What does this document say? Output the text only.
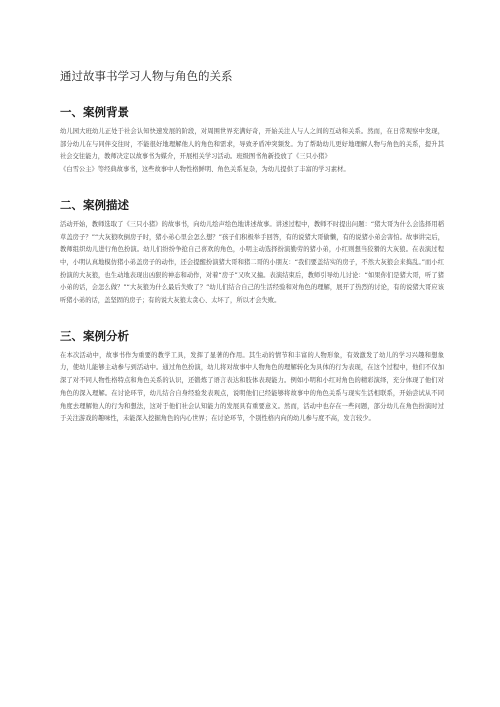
通过故事书学习人物与角色的关系
一、案例背景

幼儿园大班幼儿正处于社会认知快速发展的阶段，对周围世界充满好奇，开始关注人与人之间的互动和关系。然而，在日常观察中发现，部分幼儿在与同伴交往时，不能很好地理解他人的角色和需求，导致矛盾冲突频发。为了帮助幼儿更好地理解人物与角色的关系，提升其社会交往能力，教师决定以故事书为媒介，开展相关学习活动。班级图书角新投放了《三只小猪》

《白雪公主》等经典故事书，这些故事中人物性格鲜明、角色关系复杂，为幼儿提供了丰富的学习素材。

二、案例描述

活动开始，教师选取了《三只小猪》的故事书，向幼儿绘声绘色地讲述故事。讲述过程中，教师不时提出问题：“猪大哥为什么会选择用稻草盖房子？”“大灰狼吹倒房子时，猪小弟心里会怎么想？”孩子们积极举手回答，有的说猪大哥偷懒，有的说猪小弟会害怕。故事讲完后，教师组织幼儿进行角色扮演。幼儿们纷纷争抢自己喜欢的角色，小明主动选择扮演勤劳的猪小弟，小红则想当狡猾的大灰狼。在表演过程中，小明认真地模仿猪小弟盖房子的动作，还会提醒扮演猪大哥和猪二哥的小朋友：“我们要盖结实的房子，不然大灰狼会来捣乱。”而小红扮演的大灰狼，也生动地表现出凶狠的神态和动作，对着“房子”又吹又撞。表演结束后，教师引导幼儿讨论：“如果你们是猪大哥，听了猪小弟的话，会怎么做？”“大灰狼为什么最后失败了？”幼儿们结合自己的生活经验和对角色的理解，展开了热烈的讨论，有的说猪大哥应该听猪小弟的话，盖坚固的房子；有的说大灰狼太贪心、太坏了，所以才会失败。

三、案例分析

在本次活动中，故事书作为重要的教学工具，发挥了显著的作用。其生动的情节和丰富的人物形象，有效激发了幼儿的学习兴趣和想象力，使幼儿能够主动参与到活动中。通过角色扮演，幼儿将对故事中人物角色的理解转化为具体的行为表现，在这个过程中，他们不仅加深了对不同人物性格特点和角色关系的认识，还锻炼了语言表达和肢体表现能力。例如小明和小红对角色的精彩演绎，充分体现了他们对角色的深入理解。在讨论环节，幼儿结合自身经验发表观点，说明他们已经能够将故事中的角色关系与现实生活相联系，开始尝试从不同角度去理解他人的行为和想法，这对于他们社会认知能力的发展具有重要意义。然而，活动中也存在一些问题，部分幼儿在角色扮演时过于关注游戏的趣味性，未能深入挖掘角色的内心世界；在讨论环节，个别性格内向的幼儿参与度不高，发言较少。
